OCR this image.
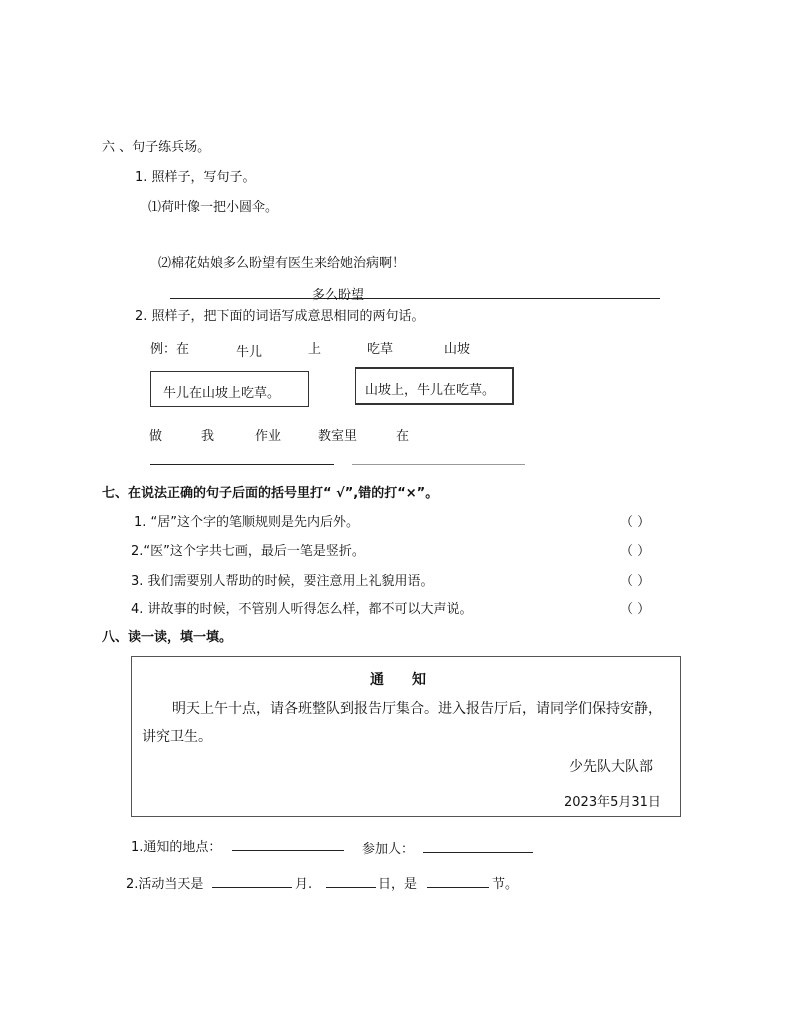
六 、句子练兵场。
1. 照样子，写句子。
⑴荷叶像一把小圆伞。
⑵棉花姑娘多么盼望有医生来给她治病啊！
多么盼望
2. 照样子，把下面的词语写成意思相同的两句话。
例：在	牛儿	上	吃草	山坡
牛儿在山坡上吃草。	山坡上，牛儿在吃草。
做	我	作业	教室里	在
七、在说法正确的句子后面的括号里打“ √”,错的打“×”。
1. “居”这个字的笔顺规则是先内后外。	（ ）
2.“医”这个字共七画，最后一笔是竖折。	（ ）
3. 我们需要别人帮助的时候，要注意用上礼貌用语。	（ ）
4. 讲故事的时候，不管别人听得怎么样，都不可以大声说。	（ ）
八、读一读，填一填。
通　　知
明天上午十点，请各班整队到报告厅集合。进入报告厅后，请同学们保持安静，
讲究卫生。
少先队大队部
2023年5月31日
1.通知的地点：	参加人：
2.活动当天是	月.	日，是	节。
